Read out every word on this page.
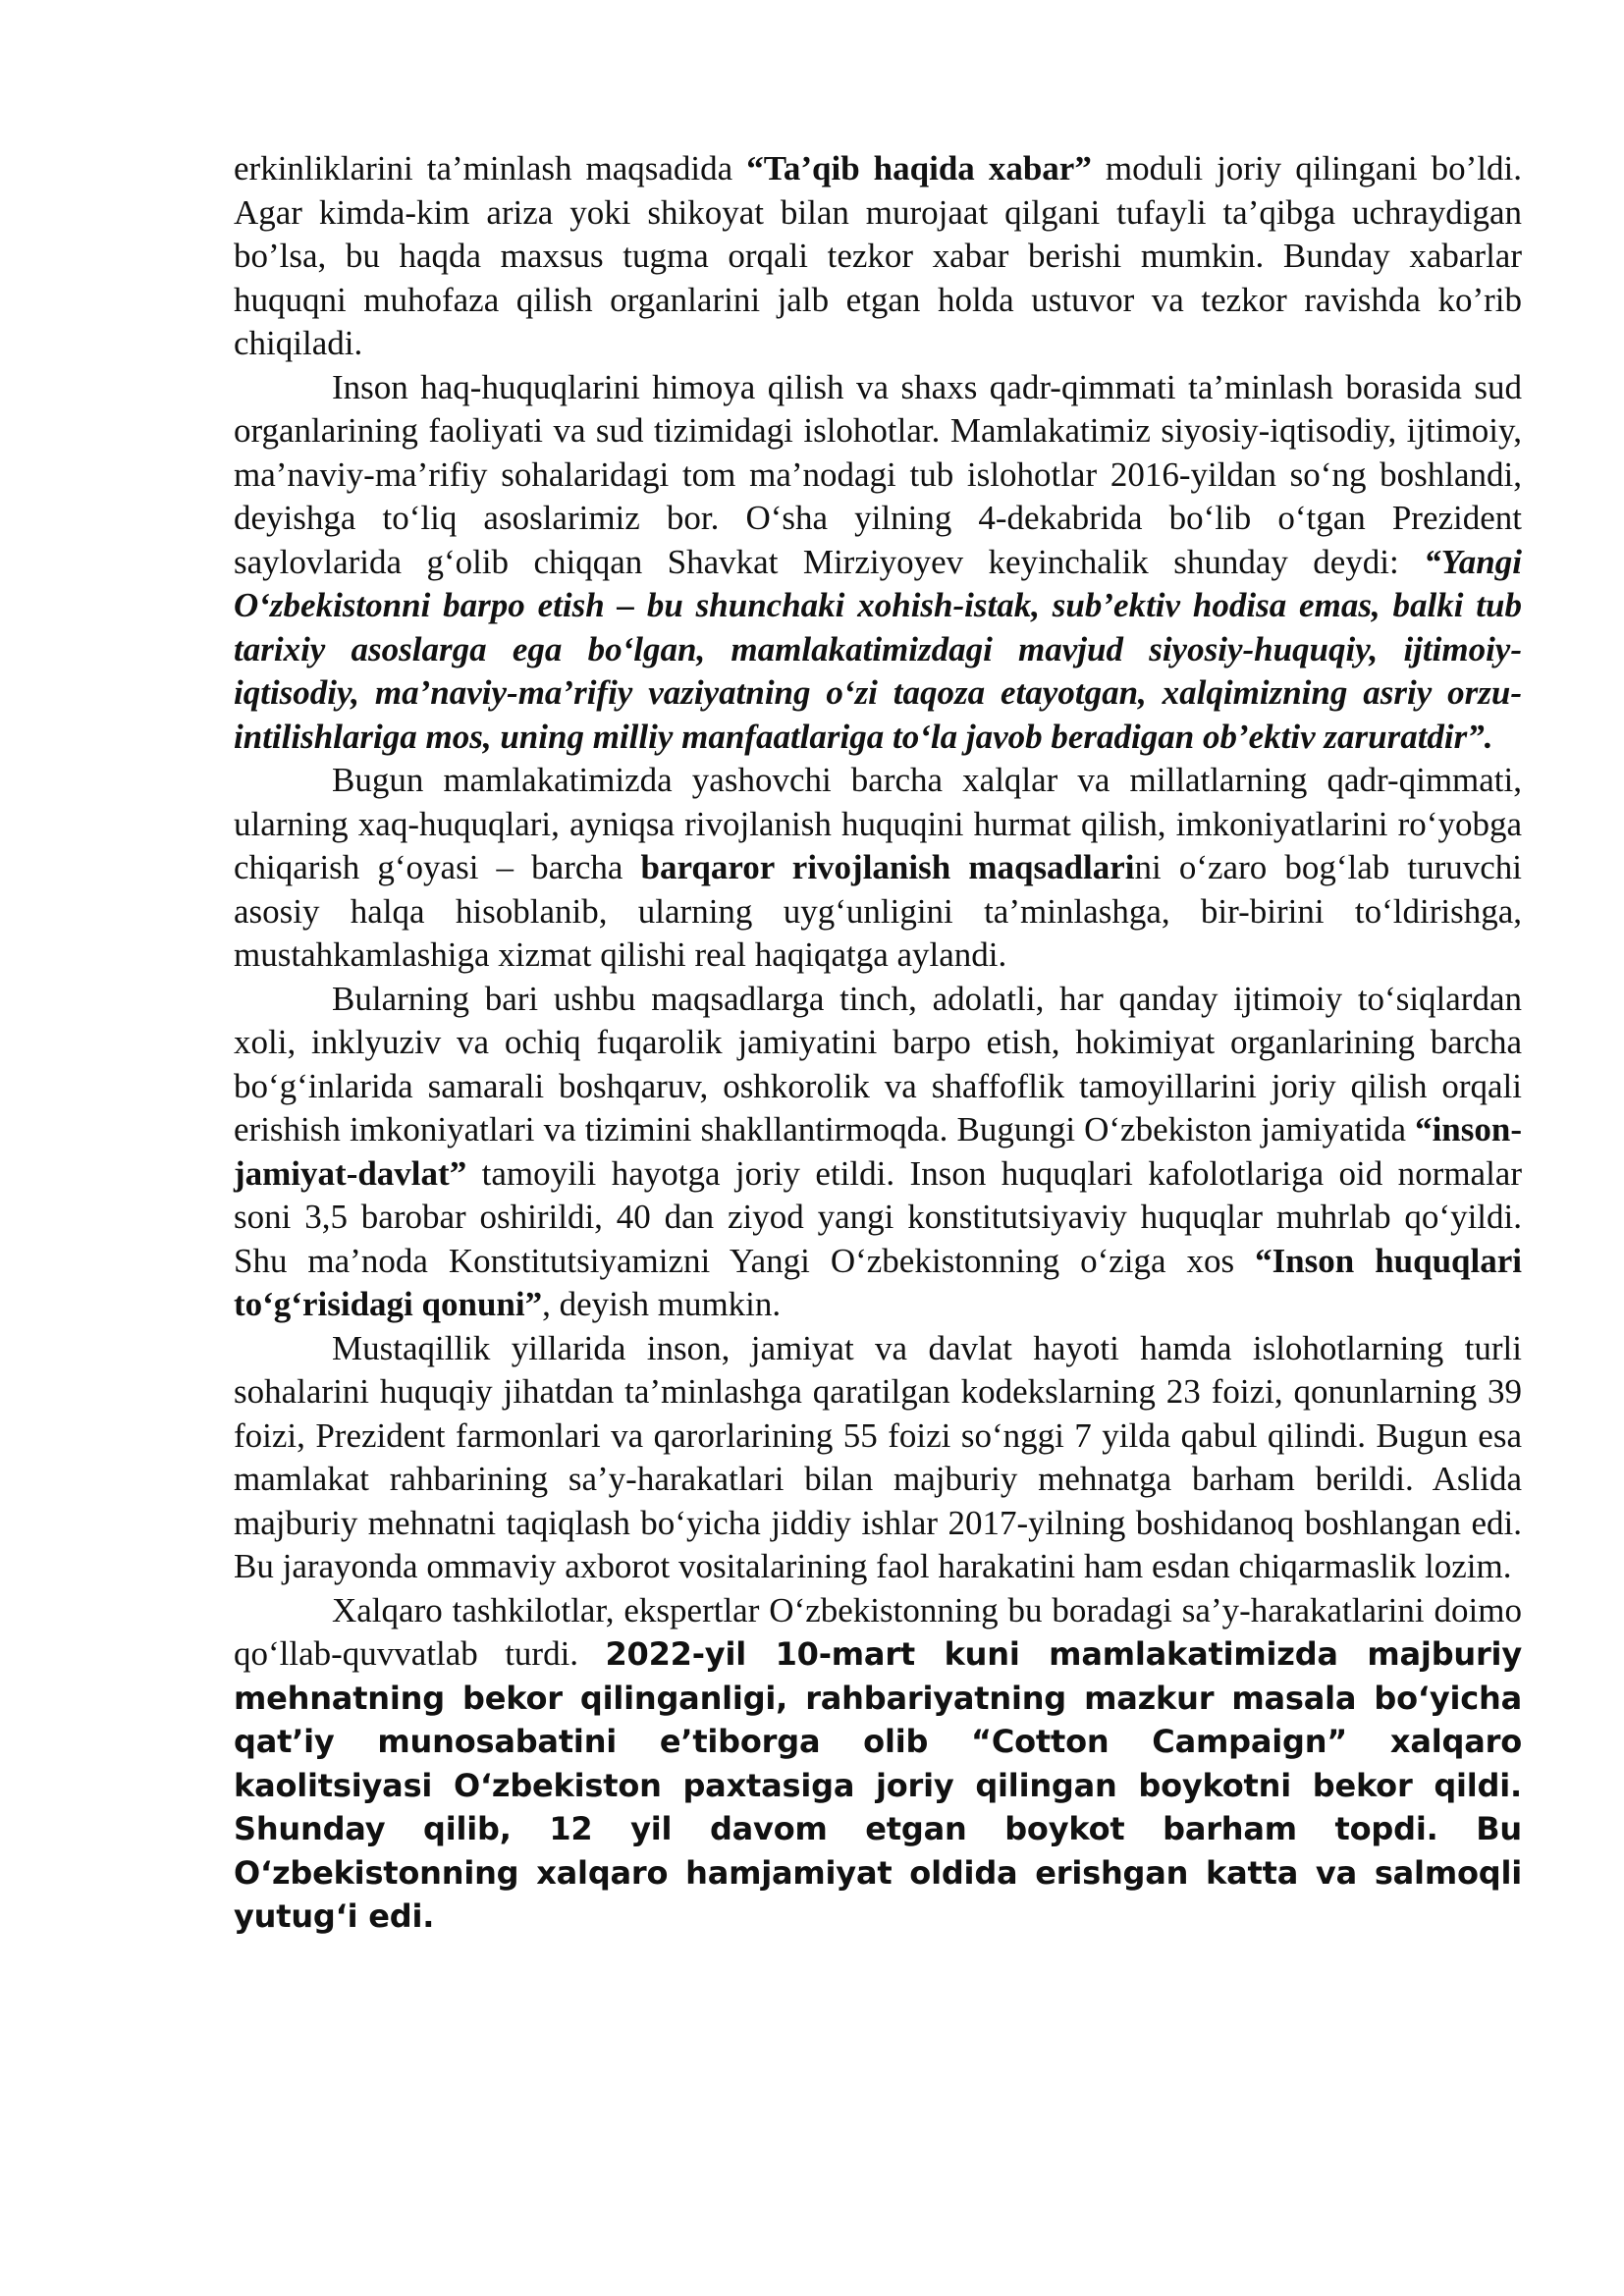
erkinliklarini ta’minlash maqsadida “Ta’qib haqida xabar” moduli joriy qilingani bo’ldi. Agar kimda-kim ariza yoki shikoyat bilan murojaat qilgani tufayli ta’qibga uchraydigan bo’lsa, bu haqda maxsus tugma orqali tezkor xabar berishi mumkin. Bunday xabarlar huquqni muhofaza qilish organlarini jalb etgan holda ustuvor va tezkor ravishda ko’rib chiqiladi.

Inson haq-huquqlarini himoya qilish va shaxs qadr-qimmati ta’minlash borasida sud organlarining faoliyati va sud tizimidagi islohotlar. Mamlakatimiz siyosiy-iqtisodiy, ijtimoiy, ma’naviy-ma’rifiy sohalaridagi tom ma’nodagi tub islohotlar 2016-yildan so‘ng boshlandi, deyishga to‘liq asoslarimiz bor. O‘sha yilning 4-dekabrida bo‘lib o‘tgan Prezident saylovlarida g‘olib chiqqan Shavkat Mirziyoyev keyinchalik shunday deydi: “Yangi O‘zbekistonni barpo etish – bu shunchaki xohish-istak, sub’ektiv hodisa emas, balki tub tarixiy asoslarga ega bo‘lgan, mamlakatimizdagi mavjud siyosiy-huquqiy, ijtimoiy-iqtisodiy, ma’naviy-ma’rifiy vaziyatning o‘zi taqoza etayotgan, xalqimizning asriy orzu- intilishlariga mos, uning milliy manfaatlariga to‘la javob beradigan ob’ektiv zaruratdir”.

Bugun mamlakatimizda yashovchi barcha xalqlar va millatlarning qadr-qimmati, ularning xaq-huquqlari, ayniqsa rivojlanish huquqini hurmat qilish, imkoniyatlarini ro‘yobga chiqarish g‘oyasi – barcha barqaror rivojlanish maqsadlarini o‘zaro bog‘lab turuvchi asosiy halqa hisoblanib, ularning uyg‘unligini ta’minlashga, bir-birini to‘ldirishga, mustahkamlashiga xizmat qilishi real haqiqatga aylandi.

Bularning bari ushbu maqsadlarga tinch, adolatli, har qanday ijtimoiy to‘siqlardan xoli, inklyuziv va ochiq fuqarolik jamiyatini barpo etish, hokimiyat organlarining barcha bo‘g‘inlarida samarali boshqaruv, oshkorolik va shaffoflik tamoyillarini joriy qilish orqali erishish imkoniyatlari va tizimini shakllantirmoqda. Bugungi O‘zbekiston jamiyatida “inson-jamiyat-davlat” tamoyili hayotga joriy etildi. Inson huquqlari kafolotlariga oid normalar soni 3,5 barobar oshirildi, 40 dan ziyod yangi konstitutsiyaviy huquqlar muhrlab qo‘yildi. Shu ma’noda Konstitutsiyamizni Yangi O‘zbekistonning o‘ziga xos “Inson huquqlari to‘g‘risidagi qonuni”, deyish mumkin.

Mustaqillik yillarida inson, jamiyat va davlat hayoti hamda islohotlarning turli sohalarini huquqiy jihatdan ta’minlashga qaratilgan kodekslarning 23 foizi, qonunlarning 39 foizi, Prezident farmonlari va qarorlarining 55 foizi so‘nggi 7 yilda qabul qilindi. Bugun esa mamlakat rahbarining sa’y-harakatlari bilan majburiy mehnatga barham berildi. Aslida majburiy mehnatni taqiqlash bo‘yicha jiddiy ishlar 2017-yilning boshidanoq boshlangan edi. Bu jarayonda ommaviy axborot vositalarining faol harakatini ham esdan chiqarmaslik lozim.

Xalqaro tashkilotlar, ekspertlar O‘zbekistonning bu boradagi sa’y-harakatlarini doimo qo‘llab-quvvatlab turdi. 2022-yil 10-mart kuni mamlakatimizda majburiy mehnatning bekor qilinganligi, rahbariyatning mazkur masala bo‘yicha qat’iy munosabatini e’tiborga olib “Cotton Campaign” xalqaro kaolitsiyasi O‘zbekiston paxtasiga joriy qilingan boykotni bekor qildi. Shunday qilib, 12 yil davom etgan boykot barham topdi. Bu O‘zbekistonning xalqaro hamjamiyat oldida erishgan katta va salmoqli yutug‘i edi.
